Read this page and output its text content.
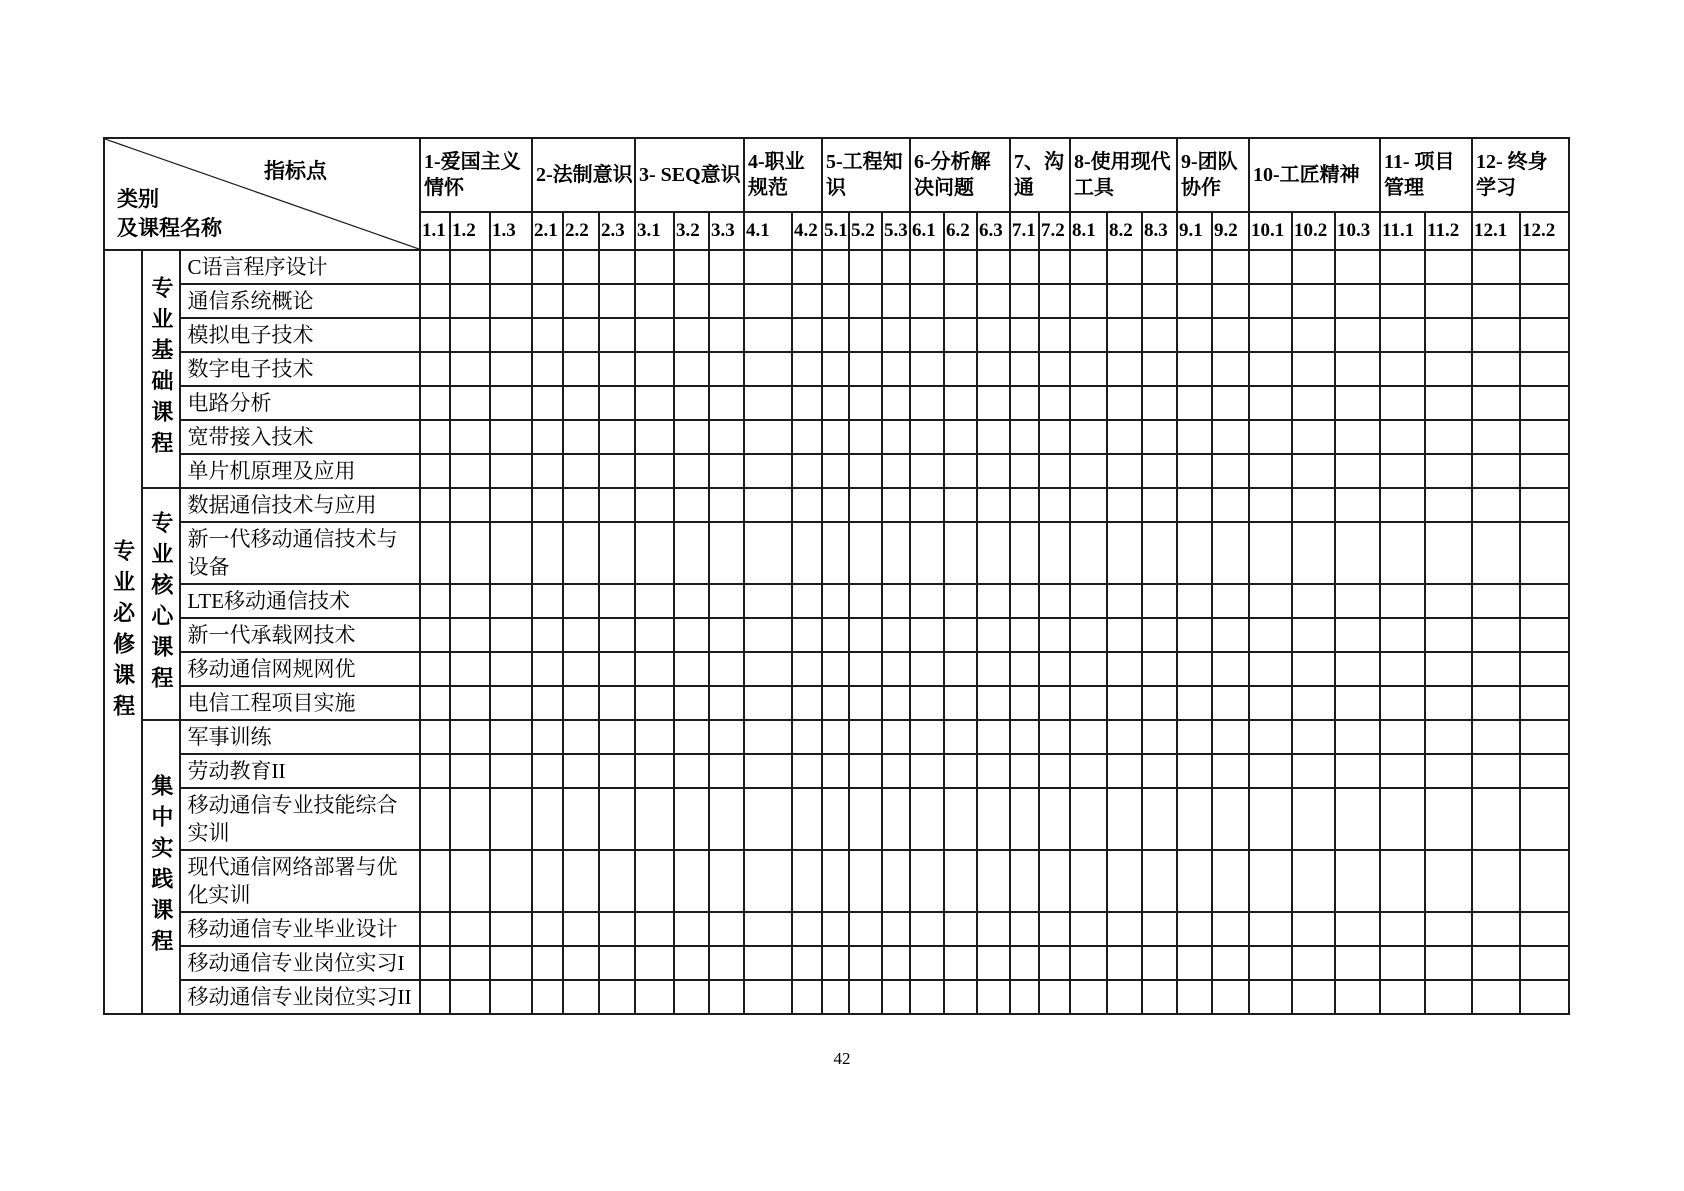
指标点
类别
及课程名称			1-爱国主义情怀			2-法制意识			3- SEQ意识			4-职业规范		5-工程知识			6-分析解决问题			7、沟通		8-使用现代工具			9-团队协作		10-工匠精神			11- 项目管理		12- 终身学习	
			1.1	1.2	1.3	2.1	2.2	2.3	3.1	3.2	3.3	4.1	4.2	5.1	5.2	5.3	6.1	6.2	6.3	7.1	7.2	8.1	8.2	8.3	9.1	9.2	10.1	10.2	10.3	11.1	11.2	12.1	12.2
专业必修课程	专业基础课程	C语言程序设计																															
		通信系统概论																															
		模拟电子技术																															
		数字电子技术																															
		电路分析																															
		宽带接入技术																															
		单片机原理及应用																															
	专业核心课程	数据通信技术与应用																															
		新一代移动通信技术与设备																															
		LTE移动通信技术																															
		新一代承载网技术																															
		移动通信网规网优																															
		电信工程项目实施																															
	集中实践课程	军事训练																															
		劳动教育II																															
		移动通信专业技能综合实训																															
		现代通信网络部署与优化实训																															
		移动通信专业毕业设计																															
		移动通信专业岗位实习I																															
		移动通信专业岗位实习II																															
42
